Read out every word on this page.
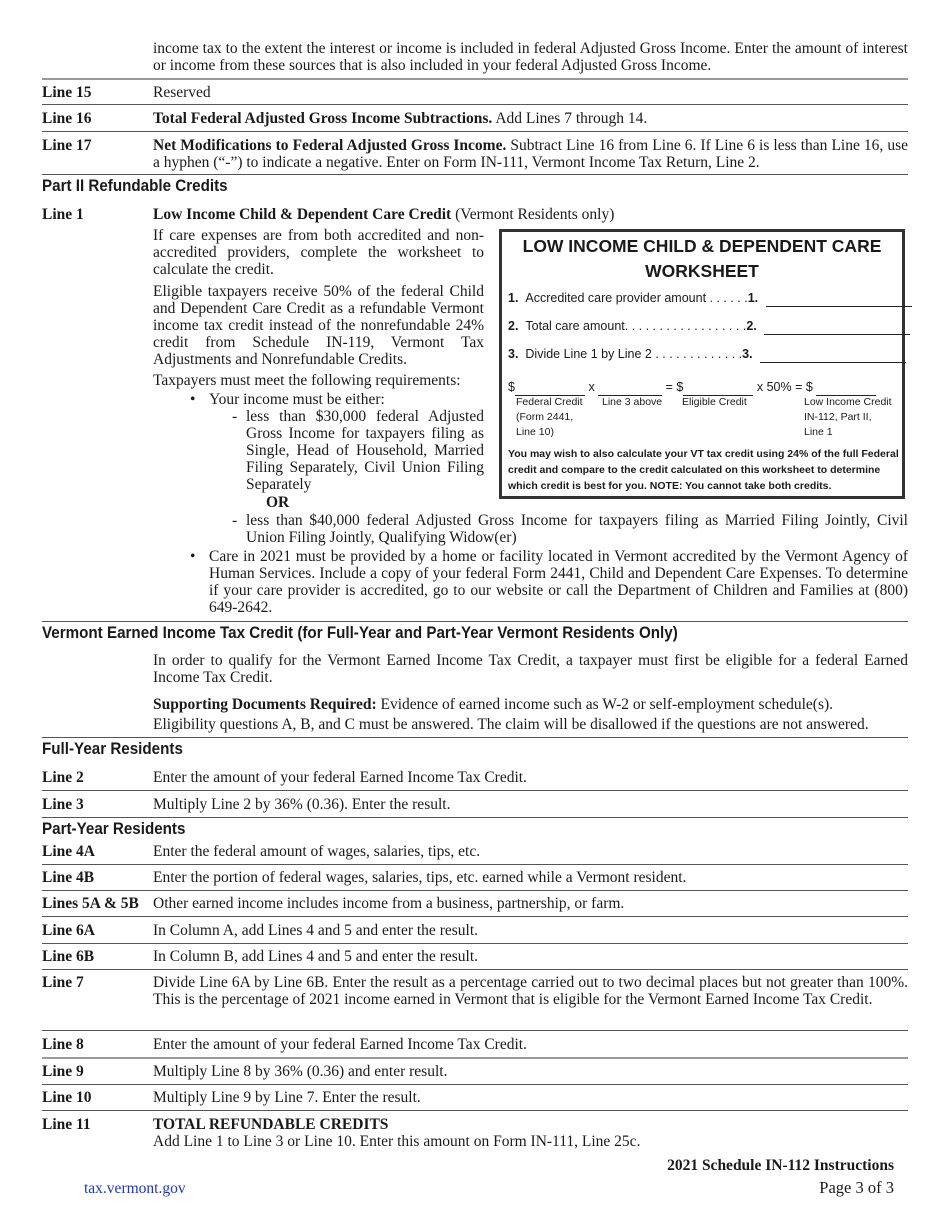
income tax to the extent the interest or income is included in federal Adjusted Gross Income. Enter the amount of interest or income from these sources that is also included in your federal Adjusted Gross Income.
Line 15	Reserved
Line 16	Total Federal Adjusted Gross Income Subtractions. Add Lines 7 through 14.
Line 17	Net Modifications to Federal Adjusted Gross Income. Subtract Line 16 from Line 6. If Line 6 is less than Line 16, use a hyphen (“-”) to indicate a negative. Enter on Form IN-111, Vermont Income Tax Return, Line 2.
Part II Refundable Credits
Line 1	Low Income Child & Dependent Care Credit (Vermont Residents only)
If care expenses are from both accredited and non-accredited providers, complete the worksheet to calculate the credit.
Eligible taxpayers receive 50% of the federal Child and Dependent Care Credit as a refundable Vermont income tax credit instead of the nonrefundable 24% credit from Schedule IN-119, Vermont Tax Adjustments and Nonrefundable Credits.
Taxpayers must meet the following requirements:
• Your income must be either:
- less than $30,000 federal Adjusted Gross Income for taxpayers filing as Single, Head of Household, Married Filing Separately, Civil Union Filing Separately
OR
- less than $40,000 federal Adjusted Gross Income for taxpayers filing as Married Filing Jointly, Civil Union Filing Jointly, Qualifying Widow(er)
• Care in 2021 must be provided by a home or facility located in Vermont accredited by the Vermont Agency of Human Services. Include a copy of your federal Form 2441, Child and Dependent Care Expenses. To determine if your care provider is accredited, go to our website or call the Department of Children and Families at (800) 649-2642.
LOW INCOME CHILD & DEPENDENT CARE
WORKSHEET
1. Accredited care provider amount . . . . . .1.
2. Total care amount. . . . . . . . . . . . . . . . . .2.
3. Divide Line 1 by Line 2 . . . . . . . . . . . . .3.
$	x	= $	x 50% = $
Federal Credit
(Form 2441,
Line 10)
Line 3 above Eligible Credit	Low Income Credit
IN-112, Part II,
Line 1
You may wish to also calculate your VT tax credit using 24% of the full Federal credit and compare to the credit calculated on this worksheet to determine which credit is best for you. NOTE: You cannot take both credits.
Vermont Earned Income Tax Credit (for Full-Year and Part-Year Vermont Residents Only)
In order to qualify for the Vermont Earned Income Tax Credit, a taxpayer must first be eligible for a federal Earned Income Tax Credit.
Supporting Documents Required: Evidence of earned income such as W-2 or self-employment schedule(s).
Eligibility questions A, B, and C must be answered. The claim will be disallowed if the questions are not answered.
Full-Year Residents
Line 2	Enter the amount of your federal Earned Income Tax Credit.
Line 3	Multiply Line 2 by 36% (0.36). Enter the result.
Part-Year Residents
Line 4A	Enter the federal amount of wages, salaries, tips, etc.
Line 4B	Enter the portion of federal wages, salaries, tips, etc. earned while a Vermont resident.
Lines 5A & 5B Other earned income includes income from a business, partnership, or farm.
Line 6A	In Column A, add Lines 4 and 5 and enter the result.
Line 6B	In Column B, add Lines 4 and 5 and enter the result.
Line 7	Divide Line 6A by Line 6B. Enter the result as a percentage carried out to two decimal places but not greater than 100%. This is the percentage of 2021 income earned in Vermont that is eligible for the Vermont Earned Income Tax Credit.
Line 8	Enter the amount of your federal Earned Income Tax Credit.
Line 9	Multiply Line 8 by 36% (0.36) and enter result.
Line 10	Multiply Line 9 by Line 7. Enter the result.
Line 11	TOTAL REFUNDABLE CREDITS
Add Line 1 to Line 3 or Line 10. Enter this amount on Form IN-111, Line 25c.
2021 Schedule IN-112 Instructions
Page 3 of 3
tax.vermont.gov
